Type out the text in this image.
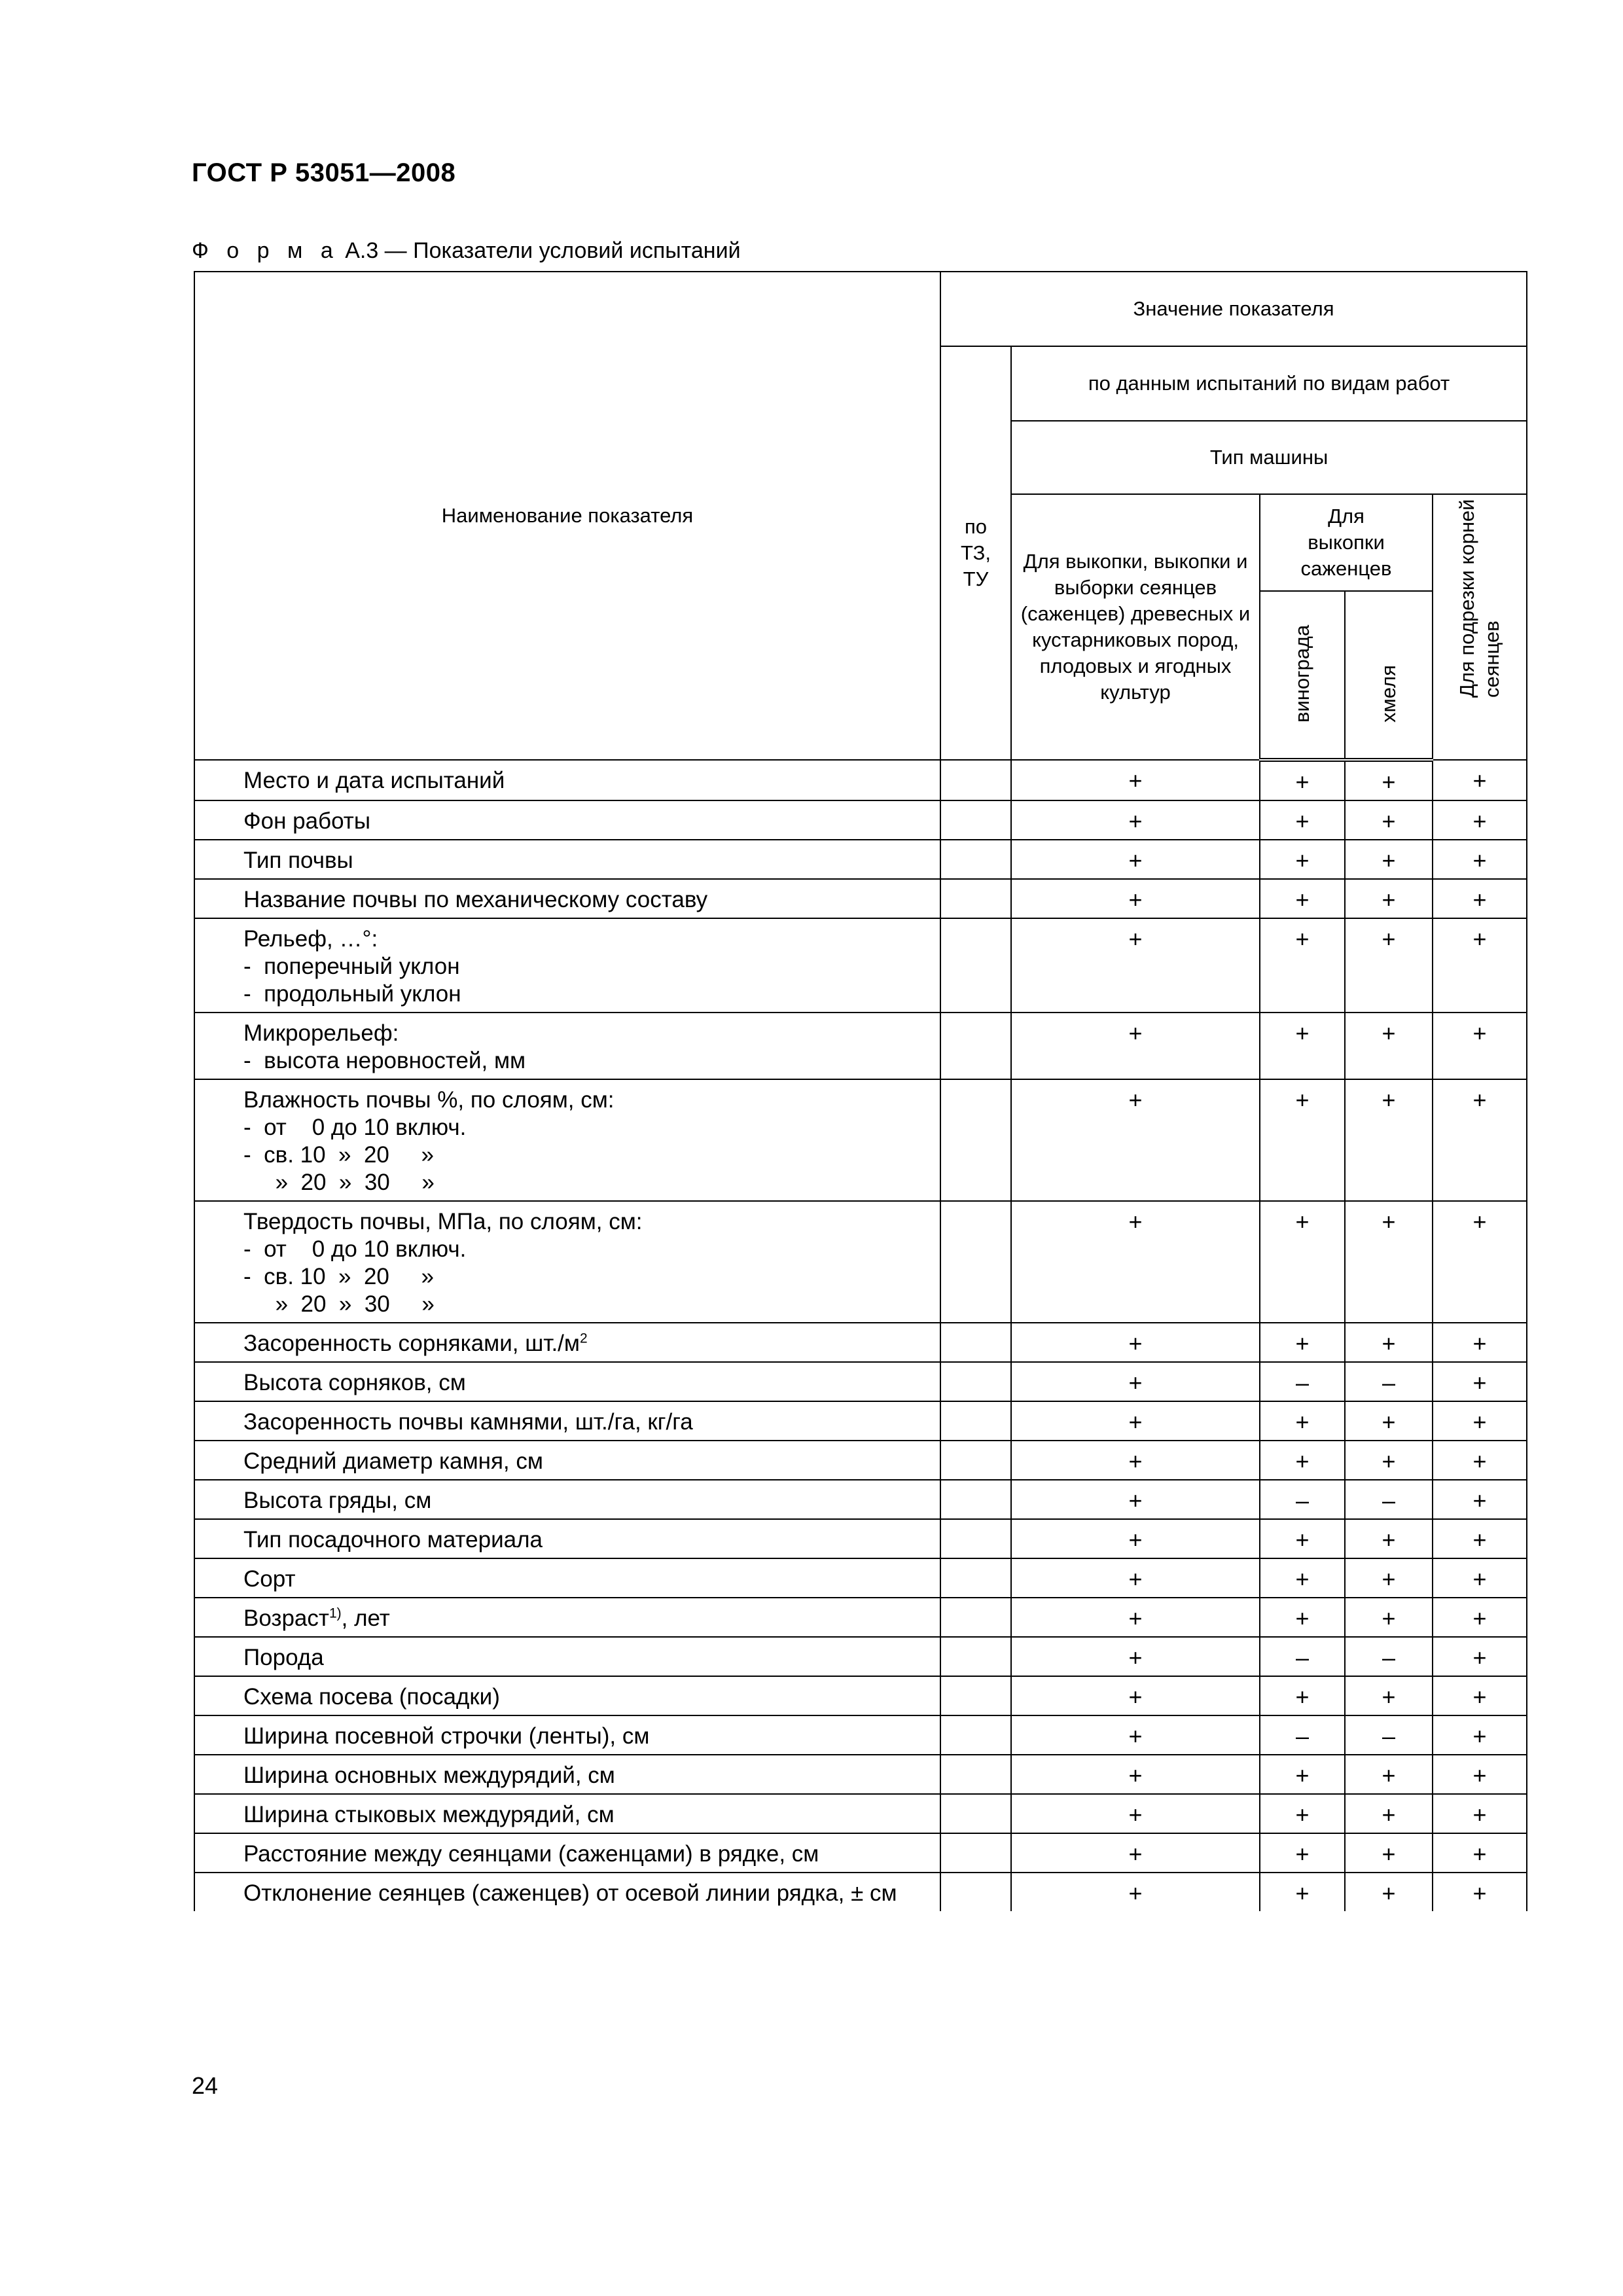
ГОСТ Р 53051—2008
Ф о р м а А.3 — Показатели условий испытаний
Наименование показателя	Значение показателя				
	по ТЗ, ТУ	по данным испытаний по видам работ			
		Тип машины			
		Для выкопки, выкопки и выборки сеянцев (саженцев) древесных и кустарниковых пород, плодовых и ягодных культур	Для выкопки саженцев		Для подрезки корней сеянцев

			винограда	хмеля	

Место и дата испытаний		+	+	+	+

Фон работы		+	+	+	+

Тип почвы		+	+	+	+

Название почвы по механическому составу		+	+	+	+

Рельеф, …°:
-  поперечный уклон
-  продольный уклон		+	+	+	+

Микрорельеф:
-  высота неровностей, мм		+	+	+	+

Влажность почвы %, по слоям, см:
-  от    0 до 10 включ.
-  св. 10  »  20     »
»  20  »  30     »		+	+	+	+

Твердость почвы, МПа, по слоям, см:
-  от    0 до 10 включ.
-  св. 10  »  20     »
»  20  »  30     »		+	+	+	+

Засоренность сорняками, $шт./м^2$		+	+	+	+

Высота сорняков, см		+	–	–	+

Засоренность почвы камнями, шт./га, кг/га		+	+	+	+

Средний диаметр камня, см		+	+	+	+

Высота гряды, см		+	–	–	+

Тип посадочного материала		+	+	+	+

Сорт		+	+	+	+

Возраст$^{1)}$, лет		+	+	+	+

Порода		+	–	–	+

Схема посева (посадки)		+	+	+	+

Ширина посевной строчки (ленты), см		+	–	–	+

Ширина основных междурядий, см		+	+	+	+

Ширина стыковых междурядий, см		+	+	+	+

Расстояние между сеянцами (саженцами) в рядке, см		+	+	+	+

Отклонение сеянцев (саженцев) от осевой линии рядка, ± см		+	+	+	+
24
